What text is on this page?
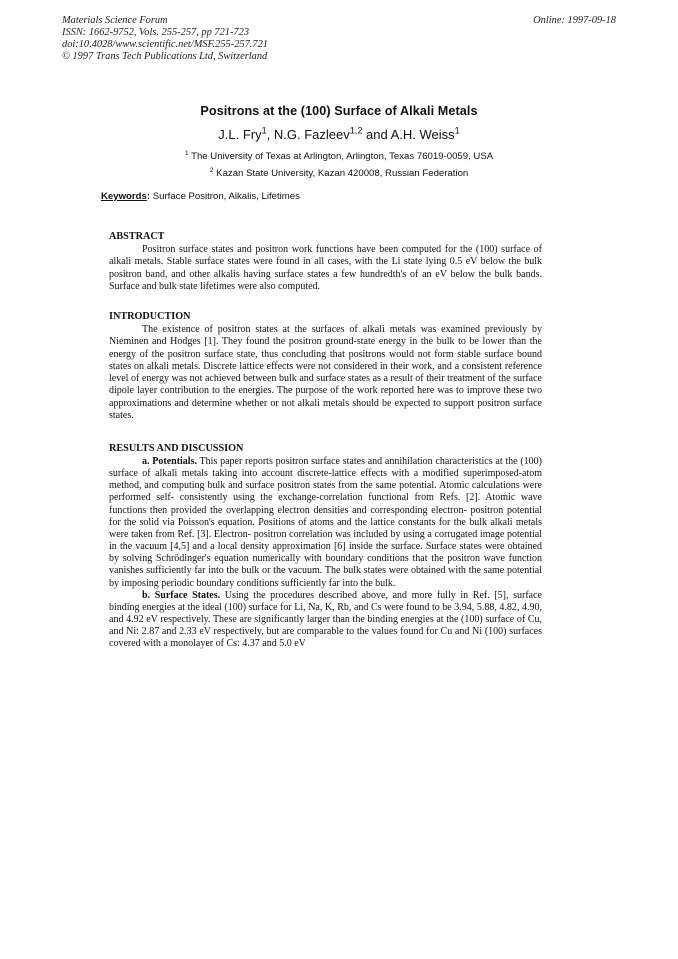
Materials Science Forum
ISSN: 1662-9752, Vols. 255-257, pp 721-723
doi:10.4028/www.scientific.net/MSF.255-257.721
© 1997 Trans Tech Publications Ltd, Switzerland
Online: 1997-09-18
Positrons at the (100) Surface of Alkali Metals
J.L. Fry$^1$, N.G. Fazleev$^{1,2}$ and A.H. Weiss$^1$
$^1$ The University of Texas at Arlington, Arlington, Texas 76019-0059, USA
$^2$ Kazan State University, Kazan 420008, Russian Federation
Keywords: Surface Positron, Alkalis, Lifetimes
ABSTRACT

Positron surface states and positron work functions have been computed for the (100) surface of alkali metals. Stable surface states were found in all cases, with the Li state lying 0.5 eV below the bulk positron band, and other alkalis having surface states a few hundredth's of an eV below the bulk bands. Surface and bulk state lifetimes were also computed.

INTRODUCTION

The existence of positron states at the surfaces of alkali metals was examined previously by Nieminen and Hodges [1]. They found the positron ground-state energy in the bulk to be lower than the energy of the positron surface state, thus concluding that positrons would not form stable surface bound states on alkali metals. Discrete lattice effects were not considered in their work, and a consistent reference level of energy was not achieved between bulk and surface states as a result of their treatment of the surface dipole layer contribution to the energies. The purpose of the work reported here was to improve these two approximations and determine whether or not alkali metals should be expected to support positron surface states.

RESULTS AND DISCUSSION

a. Potentials. This paper reports positron surface states and annihilation characteristics at the (100) surface of alkali metals taking into account discrete-lattice effects with a modified superimposed-atom method, and computing bulk and surface positron states from the same potential. Atomic calculations were performed self- consistently using the exchange-correlation functional from Refs. [2]. Atomic wave functions then provided the overlapping electron densities and corresponding electron- positron potential for the solid via Poisson's equation. Positions of atoms and the lattice constants for the bulk alkali metals were taken from Ref. [3]. Electron- positron correlation was included by using a corrugated image potential in the vacuum [4,5] and a local density approximation [6] inside the surface. Surface states were obtained by solving Schrödinger's equation numerically with boundary conditions that the positron wave function vanishes sufficiently far into the bulk or the vacuum. The bulk states were obtained with the same potential by imposing periodic boundary conditions sufficiently far into the bulk.

b. Surface States. Using the procedures described above, and more fully in Ref. [5], surface binding energies at the ideal (100) surface for Li, Na, K, Rb, and Cs were found to be 3.94, 5.88, 4.82, 4.90, and 4.92 eV respectively. These are significantly larger than the binding energies at the (100) surface of Cu, and Ni: 2.87 and 2.33 eV respectively, but are comparable to the values found for Cu and Ni (100) surfaces covered with a monolayer of Cs: 4.37 and 5.0 eV
